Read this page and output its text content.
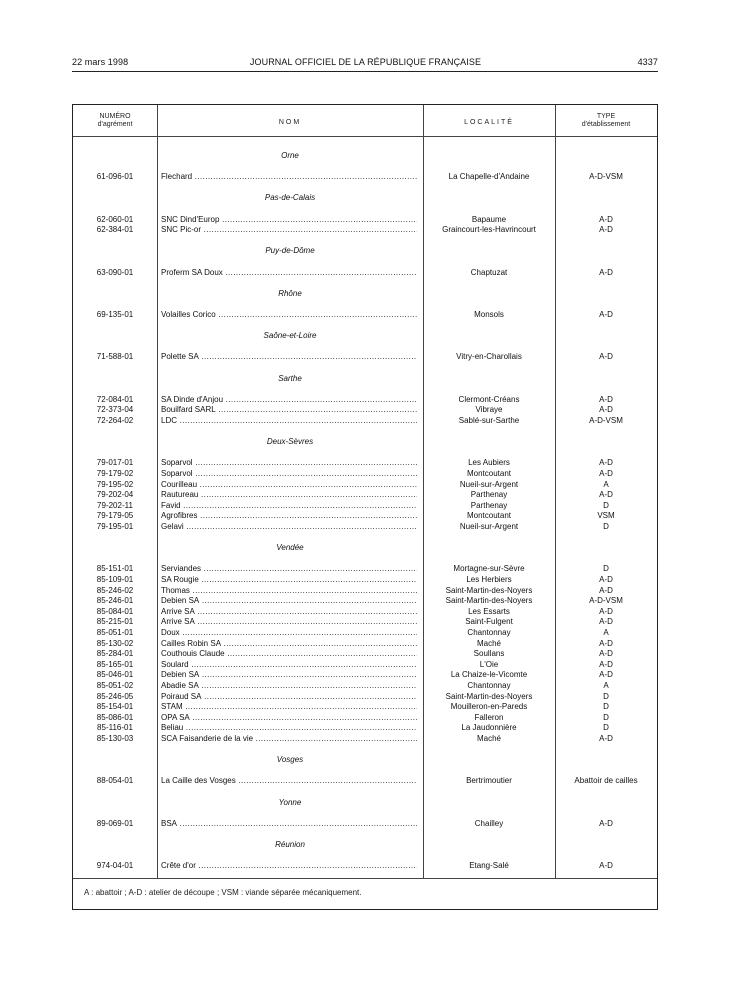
22 mars 1998	JOURNAL OFFICIEL DE LA RÉPUBLIQUE FRANÇAISE	4337
NUMÉRO
d'agrément	NOM	LOCALITÉ
TYPE
d'établissement
Orne
61-096-01	Flechard .....	La Chapelle-d'Andaine	A-D-VSM
Pas-de-Calais
62-060-01	SNC Dind'Europ .....	Bapaume	A-D
62-384-01	SNC Pic-or .....	Graincourt-les-Havrincourt	A-D
Puy-de-Dôme
63-090-01	Proferm SA Doux .....	Chaptuzat	A-D
Rhône
69-135-01	Volailles Corico .....	Monsols	A-D
Saône-et-Loire
71-588-01	Polette SA .....	Vitry-en-Charollais	A-D
Sarthe
72-084-01	SA Dinde d'Anjou .....	Clermont-Créans	A-D
72-373-04	Bouilfard SARL .....	Vibraye	A-D
72-264-02	LDC .....	Sablé-sur-Sarthe	A-D-VSM
Deux-Sèvres
79-017-01	Soparvol .....	Les Aubiers	A-D
79-179-02	Soparvol .....	Montcoutant	A-D
79-195-02	Courilleau .....	Nueil-sur-Argent	A
79-202-04	Rautureau .....	Parthenay	A-D
79-202-11	Favid .....	Parthenay	D
79-179-05	Agrofibres .....	Montcoutant	VSM
79-195-01	Gelavi .....	Nueil-sur-Argent	D
Vendée
85-151-01	Serviandes .....	Mortagne-sur-Sèvre	D
85-109-01	SA Rougie .....	Les Herbiers	A-D
85-246-02	Thomas .....	Saint-Martin-des-Noyers	A-D
85-246-01	Debien SA .....	Saint-Martin-des-Noyers	A-D-VSM
85-084-01	Arrive SA .....	Les Essarts	A-D
85-215-01	Arrive SA .....	Saint-Fulgent	A-D
85-051-01	Doux .....	Chantonnay	A
85-130-02	Cailles Robin SA .....	Maché	A-D
85-284-01	Couthouis Claude .....	Soullans	A-D
85-165-01	Soulard .....	L'Oie	A-D
85-046-01	Debien SA .....	La Chaize-le-Vicomte	A-D
85-051-02	Abadie SA .....	Chantonnay	A
85-246-05	Poiraud SA .....	Saint-Martin-des-Noyers	D
85-154-01	STAM .....	Mouilleron-en-Pareds	D
85-086-01	OPA SA .....	Falleron	D
85-116-01	Beliau .....	La Jaudonnière	D
85-130-03	SCA Faisanderie de la vie .....	Maché	A-D
Vosges
88-054-01	La Caille des Vosges .....	Bertrimoutier	Abattoir de cailles
Yonne
89-069-01	BSA .....	Chailley	A-D
Réunion
974-04-01	Crête d'or .....	Etang-Salé	A-D
A : abattoir ; A-D : atelier de découpe ; VSM : viande séparée mécaniquement.
